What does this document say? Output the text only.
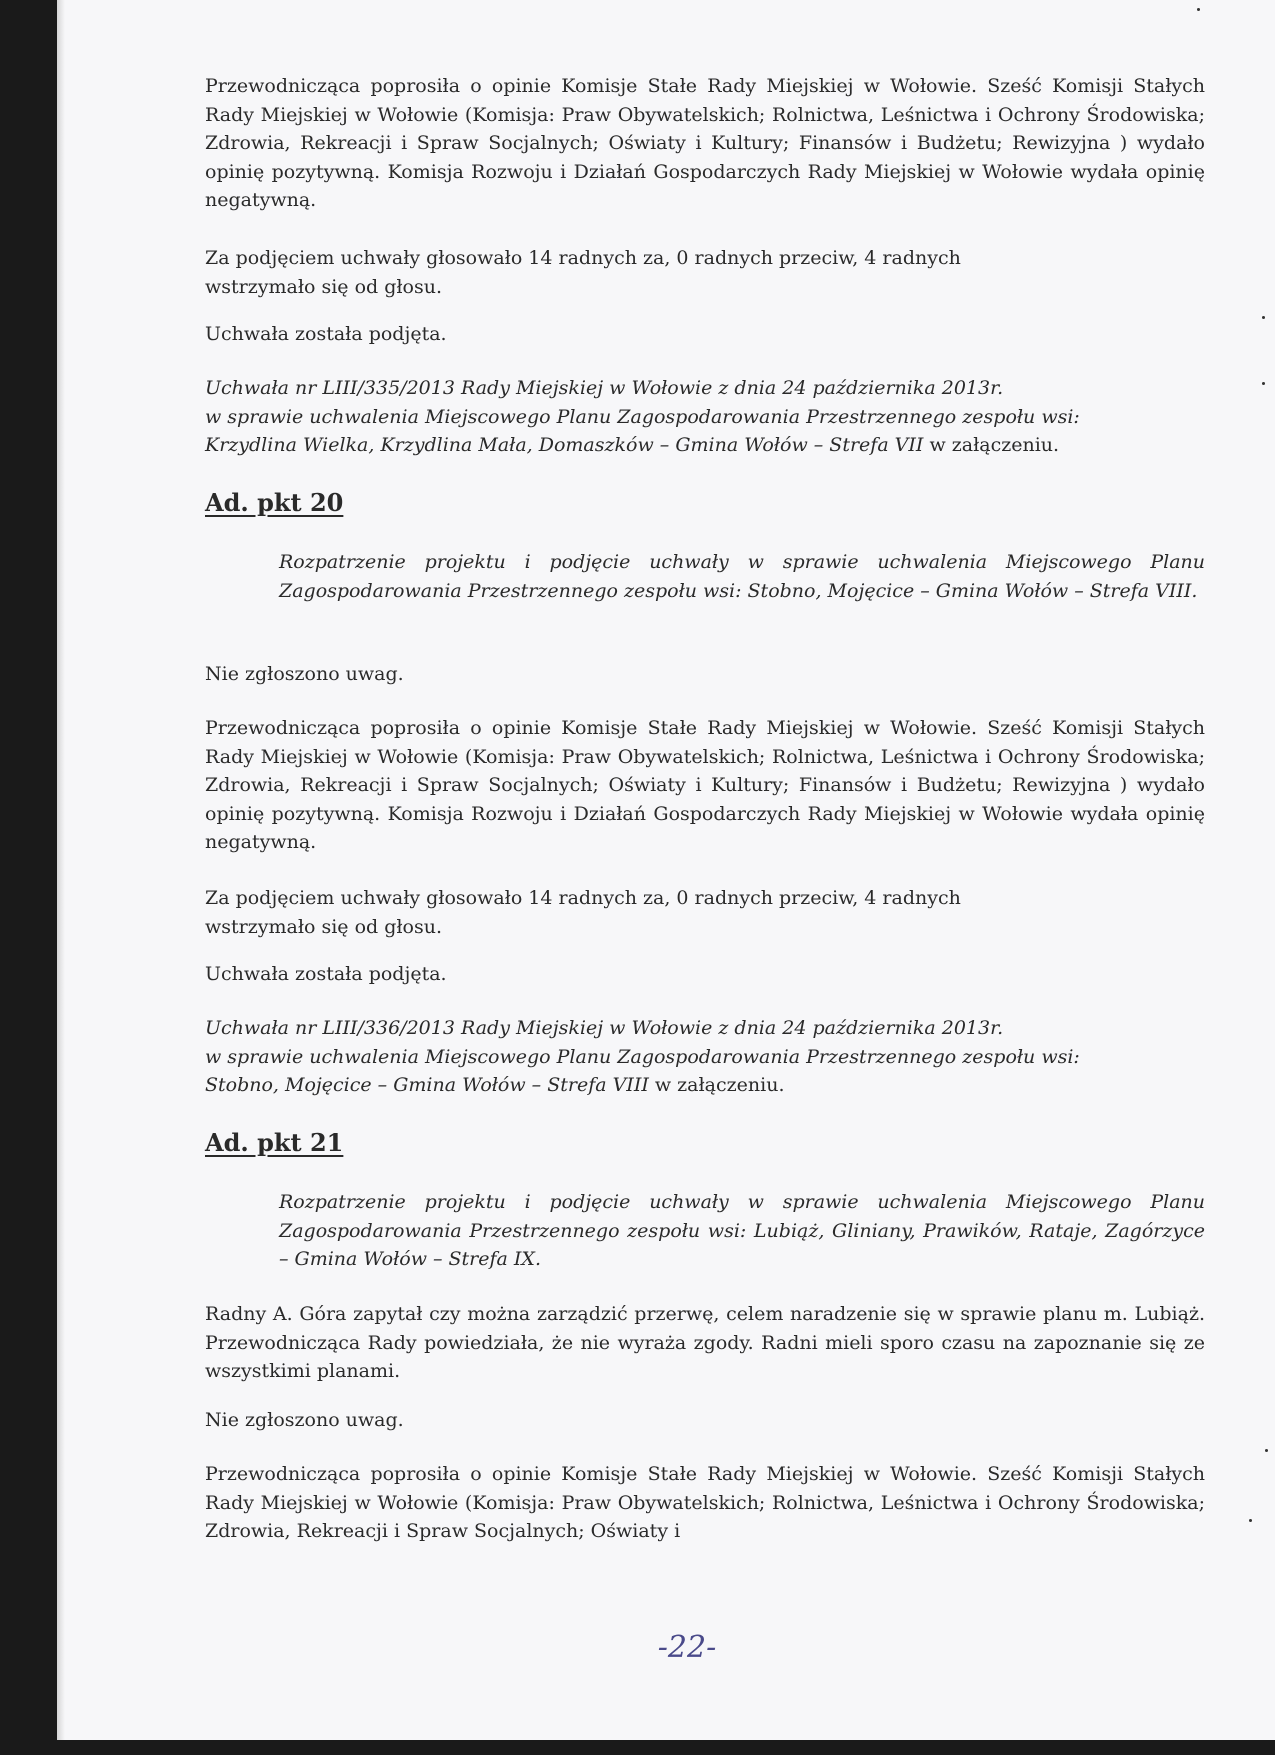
Przewodnicząca poprosiła o opinie Komisje Stałe Rady Miejskiej w Wołowie. Sześć Komisji Stałych Rady Miejskiej w Wołowie (Komisja: Praw Obywatelskich; Rolnictwa, Leśnictwa i Ochrony Środowiska; Zdrowia, Rekreacji i Spraw Socjalnych; Oświaty i Kultury; Finansów i Budżetu; Rewizyjna ) wydało opinię pozytywną. Komisja Rozwoju i Działań Gospodarczych Rady Miejskiej w Wołowie wydała opinię negatywną.

Za podjęciem uchwały głosowało 14 radnych za, 0 radnych przeciw, 4 radnych
wstrzymało się od głosu.

Uchwała została podjęta.

Uchwała nr LIII/335/2013 Rady Miejskiej w Wołowie z dnia 24 października 2013r.
w sprawie uchwalenia Miejscowego Planu Zagospodarowania Przestrzennego zespołu wsi:
Krzydlina Wielka, Krzydlina Mała, Domaszków – Gmina Wołów – Strefa VII w załączeniu.
Ad. pkt 20

Rozpatrzenie projektu i podjęcie uchwały w sprawie uchwalenia Miejscowego Planu Zagospodarowania Przestrzennego zespołu wsi: Stobno, Mojęcice – Gmina Wołów – Strefa VIII.

Nie zgłoszono uwag.

Przewodnicząca poprosiła o opinie Komisje Stałe Rady Miejskiej w Wołowie. Sześć Komisji Stałych Rady Miejskiej w Wołowie (Komisja: Praw Obywatelskich; Rolnictwa, Leśnictwa i Ochrony Środowiska; Zdrowia, Rekreacji i Spraw Socjalnych; Oświaty i Kultury; Finansów i Budżetu; Rewizyjna ) wydało opinię pozytywną. Komisja Rozwoju i Działań Gospodarczych Rady Miejskiej w Wołowie wydała opinię negatywną.

Za podjęciem uchwały głosowało 14 radnych za, 0 radnych przeciw, 4 radnych
wstrzymało się od głosu.

Uchwała została podjęta.

Uchwała nr LIII/336/2013 Rady Miejskiej w Wołowie z dnia 24 października 2013r.
w sprawie uchwalenia Miejscowego Planu Zagospodarowania Przestrzennego zespołu wsi:
Stobno, Mojęcice – Gmina Wołów – Strefa VIII w załączeniu.
Ad. pkt 21

Rozpatrzenie projektu i podjęcie uchwały w sprawie uchwalenia Miejscowego Planu Zagospodarowania Przestrzennego zespołu wsi: Lubiąż, Gliniany, Prawików, Rataje, Zagórzyce – Gmina Wołów – Strefa IX.

Radny A. Góra zapytał czy można zarządzić przerwę, celem naradzenie się w sprawie planu m. Lubiąż. Przewodnicząca Rady powiedziała, że nie wyraża zgody. Radni mieli sporo czasu na zapoznanie się ze wszystkimi planami.

Nie zgłoszono uwag.

Przewodnicząca poprosiła o opinie Komisje Stałe Rady Miejskiej w Wołowie. Sześć Komisji Stałych Rady Miejskiej w Wołowie (Komisja: Praw Obywatelskich; Rolnictwa, Leśnictwa i Ochrony Środowiska; Zdrowia, Rekreacji i Spraw Socjalnych; Oświaty i

-22-
